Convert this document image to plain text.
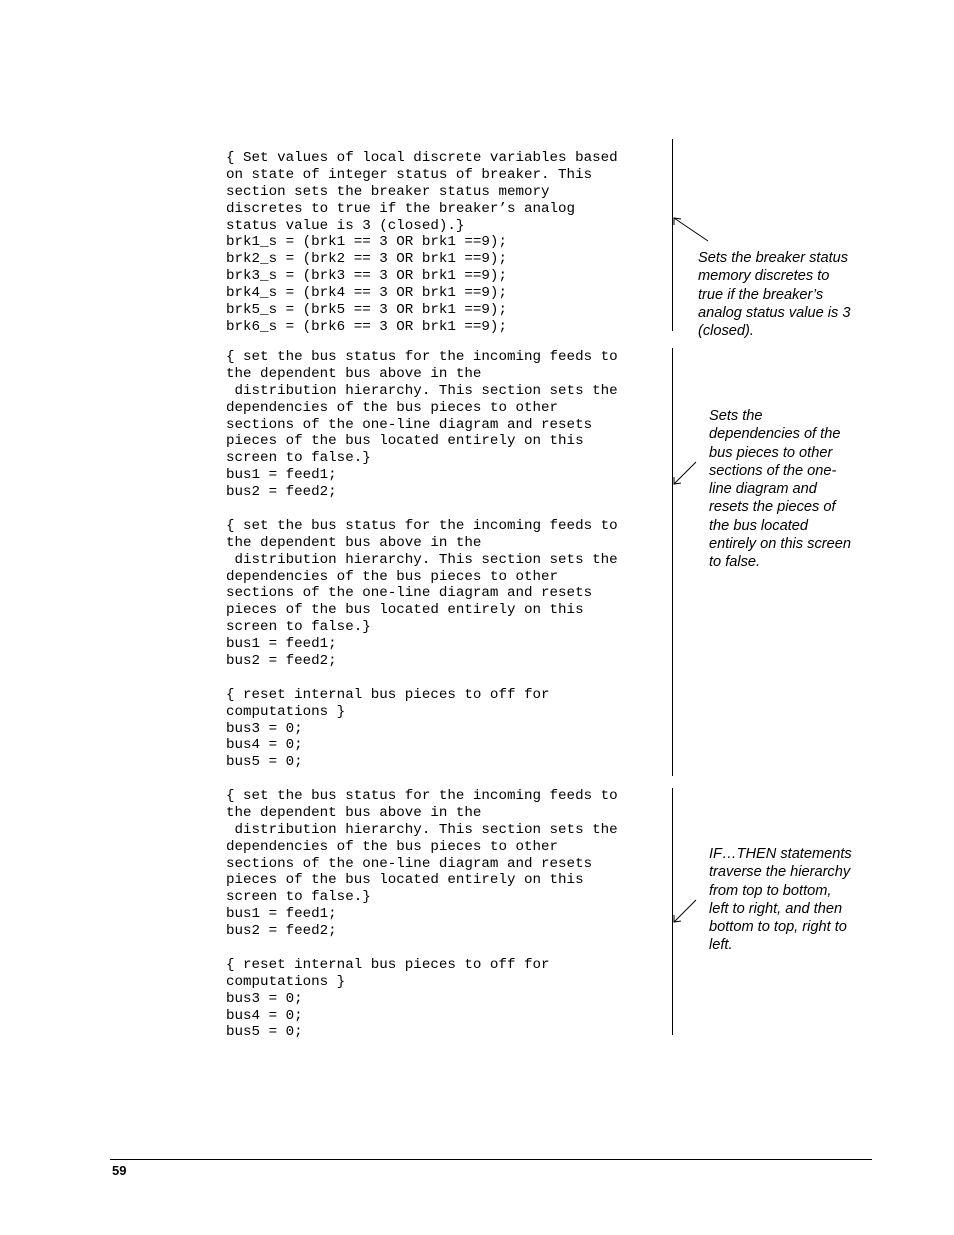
{ Set values of local discrete variables based
on state of integer status of breaker. This
section sets the breaker status memory
discretes to true if the breaker’s analog
status value is 3 (closed).}
brk1_s = (brk1 == 3 OR brk1 ==9);
brk2_s = (brk2 == 3 OR brk1 ==9);
brk3_s = (brk3 == 3 OR brk1 ==9);
brk4_s = (brk4 == 3 OR brk1 ==9);
brk5_s = (brk5 == 3 OR brk1 ==9);
brk6_s = (brk6 == 3 OR brk1 ==9);
Sets the breaker status
memory discretes to
true if the breaker’s
analog status value is 3
(closed).
{ set the bus status for the incoming feeds to
the dependent bus above in the
distribution hierarchy. This section sets the
dependencies of the bus pieces to other
sections of the one-line diagram and resets
pieces of the bus located entirely on this
screen to false.}
bus1 = feed1;
bus2 = feed2;
{ set the bus status for the incoming feeds to
the dependent bus above in the
distribution hierarchy. This section sets the
dependencies of the bus pieces to other
sections of the one-line diagram and resets
pieces of the bus located entirely on this
screen to false.}
bus1 = feed1;
bus2 = feed2;
{ reset internal bus pieces to off for
computations }
bus3 = 0;
bus4 = 0;
bus5 = 0;
Sets the
dependencies of the
bus pieces to other
sections of the one-
line diagram and
resets the pieces of
the bus located
entirely on this screen
to false.
{ set the bus status for the incoming feeds to
the dependent bus above in the
distribution hierarchy. This section sets the
dependencies of the bus pieces to other
sections of the one-line diagram and resets
pieces of the bus located entirely on this
screen to false.}
bus1 = feed1;
bus2 = feed2;
{ reset internal bus pieces to off for
computations }
bus3 = 0;
bus4 = 0;
bus5 = 0;
IF…THEN statements
traverse the hierarchy
from top to bottom,
left to right, and then
bottom to top, right to
left.
59
